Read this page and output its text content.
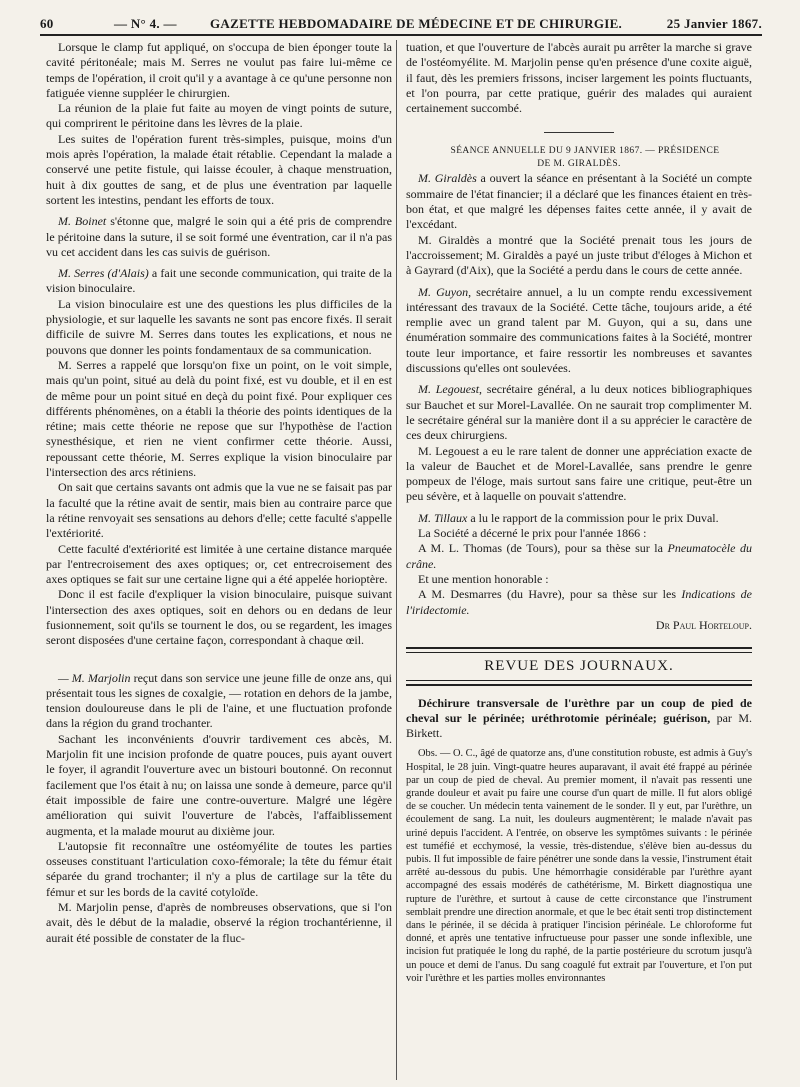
60	— N° 4. —	GAZETTE HEBDOMADAIRE DE MÉDECINE ET DE CHIRURGIE.	25 Janvier 1867.

Lorsque le clamp fut appliqué, on s'occupa de bien éponger toute la cavité péritonéale; mais M. Serres ne voulut pas faire lui-même ce temps de l'opération, il croit qu'il y a avantage à ce qu'une personne non fatiguée vienne suppléer le chirurgien.

La réunion de la plaie fut faite au moyen de vingt points de suture, qui comprirent le péritoine dans les lèvres de la plaie.

Les suites de l'opération furent très-simples, puisque, moins d'un mois après l'opération, la malade était rétablie. Cependant la malade a conservé une petite fistule, qui laisse écouler, à chaque menstruation, huit à dix gouttes de sang, et de plus une éventration par laquelle sortent les intestins, pendant les efforts de toux.

M. Boinet s'étonne que, malgré le soin qui a été pris de comprendre le péritoine dans la suture, il se soit formé une éventration, car il n'a pas vu cet accident dans les cas suivis de guérison.

M. Serres (d'Alais) a fait une seconde communication, qui traite de la vision binoculaire.

La vision binoculaire est une des questions les plus difficiles de la physiologie, et sur laquelle les savants ne sont pas encore fixés. Il serait difficile de suivre M. Serres dans toutes les explications, et nous ne pouvons que donner les points fondamentaux de sa communication.

M. Serres a rappelé que lorsqu'on fixe un point, on le voit simple, mais qu'un point, situé au delà du point fixé, est vu double, et il en est de même pour un point situé en deçà du point fixé. Pour expliquer ces différents phénomènes, on a établi la théorie des points identiques de la rétine; mais cette théorie ne repose que sur l'hypothèse de l'action synesthésique, et rien ne vient confirmer cette théorie. Aussi, repoussant cette théorie, M. Serres explique la vision binoculaire par l'intersection des arcs rétiniens.

On sait que certains savants ont admis que la vue ne se faisait pas par la faculté que la rétine avait de sentir, mais bien au contraire parce que la rétine renvoyait ses sensations au dehors d'elle; cette faculté s'appelle l'extériorité.

Cette faculté d'extériorité est limitée à une certaine distance marquée par l'entrecroisement des axes optiques; or, cet entrecroisement des axes optiques se fait sur une certaine ligne qui a été appelée horioptère.

Donc il est facile d'expliquer la vision binoculaire, puisque suivant l'intersection des axes optiques, soit en dehors ou en dedans de leur fusionnement, soit qu'ils se tournent le dos, ou se regardent, les images seront disposées d'une certaine façon, correspondant à chaque œil.

— M. Marjolin reçut dans son service une jeune fille de onze ans, qui présentait tous les signes de coxalgie, — rotation en dehors de la jambe, tension douloureuse dans le pli de l'aine, et une fluctuation profonde dans la région du grand trochanter.

Sachant les inconvénients d'ouvrir tardivement ces abcès, M. Marjolin fit une incision profonde de quatre pouces, puis ayant ouvert le foyer, il agrandit l'ouverture avec un bistouri boutonné. On reconnut facilement que l'os était à nu; on laissa une sonde à demeure, parce qu'il était impossible de faire une contre-ouverture. Malgré une légère amélioration qui suivit l'ouverture de l'abcès, l'affaiblissement augmenta, et la malade mourut au dixième jour.

L'autopsie fit reconnaître une ostéomyélite de toutes les parties osseuses constituant l'articulation coxo-fémorale; la tête du fémur était séparée du grand trochanter; il n'y a plus de cartilage sur la tête du fémur et sur les bords de la cavité cotyloïde.

M. Marjolin pense, d'après de nombreuses observations, que si l'on avait, dès le début de la maladie, observé la région trochantérienne, il aurait été possible de constater de la fluc-

tuation, et que l'ouverture de l'abcès aurait pu arrêter la marche si grave de l'ostéomyélite. M. Marjolin pense qu'en présence d'une coxite aiguë, il faut, dès les premiers frissons, inciser largement les points fluctuants, et l'on pourra, par cette pratique, guérir des malades qui auraient certainement succombé.

SÉANCE ANNUELLE DU 9 JANVIER 1867. — PRÉSIDENCE
DE M. GIRALDÈS.

M. Giraldès a ouvert la séance en présentant à la Société un compte sommaire de l'état financier; il a déclaré que les finances étaient en très-bon état, et que malgré les dépenses faites cette année, il y avait de l'excédant.

M. Giraldès a montré que la Société prenait tous les jours de l'accroissement; M. Giraldès a payé un juste tribut d'éloges à Michon et à Gayrard (d'Aix), que la Société a perdu dans le cours de cette année.

M. Guyon, secrétaire annuel, a lu un compte rendu excessivement intéressant des travaux de la Société. Cette tâche, toujours aride, a été remplie avec un grand talent par M. Guyon, qui a su, dans une énumération sommaire des communications faites à la Société, montrer toute leur importance, et faire ressortir les nombreuses et savantes discussions qu'elles ont soulevées.

M. Legouest, secrétaire général, a lu deux notices bibliographiques sur Bauchet et sur Morel-Lavallée. On ne saurait trop complimenter M. le secrétaire général sur la manière dont il a su apprécier le caractère de ces deux chirurgiens.

M. Legouest a eu le rare talent de donner une appréciation exacte de la valeur de Bauchet et de Morel-Lavallée, sans prendre le genre pompeux de l'éloge, mais surtout sans faire une critique, peut-être un peu sévère, et à laquelle on pouvait s'attendre.

M. Tillaux a lu le rapport de la commission pour le prix Duval.

La Société a décerné le prix pour l'année 1866 :

A M. L. Thomas (de Tours), pour sa thèse sur la Pneumatocèle du crâne.

Et une mention honorable :

A M. Desmarres (du Havre), pour sa thèse sur les Indications de l'iridectomie.

Dr Paul Horteloup.

REVUE DES JOURNAUX.

Déchirure transversale de l'urèthre par un coup de pied de cheval sur le périnée; uréthrotomie périnéale; guérison, par M. Birkett.

Obs. — O. C., âgé de quatorze ans, d'une constitution robuste, est admis à Guy's Hospital, le 28 juin. Vingt-quatre heures auparavant, il avait été frappé au périnée par un coup de pied de cheval. Au premier moment, il n'avait pas ressenti une grande douleur et avait pu faire une course d'un quart de mille. Il fut alors obligé de se coucher. Un médecin tenta vainement de le sonder. Il y eut, par l'urèthre, un écoulement de sang. La nuit, les douleurs augmentèrent; le malade n'avait pas uriné depuis l'accident. A l'entrée, on observe les symptômes suivants : le périnée est tuméfié et ecchymosé, la vessie, très-distendue, s'élève bien au-dessus du pubis. Il fut impossible de faire pénétrer une sonde dans la vessie, l'instrument était arrêté au-dessous du pubis. Une hémorrhagie considérable par l'urèthre ayant accompagné des essais modérés de cathétérisme, M. Birkett diagnostiqua une rupture de l'urèthre, et surtout à cause de cette circonstance que l'instrument semblait prendre une direction anormale, et que le bec était senti trop distinctement dans le périnée, il se décida à pratiquer l'incision périnéale. Le chloroforme fut donné, et après une tentative infructueuse pour passer une sonde inflexible, une incision fut pratiquée le long du raphé, de la partie postérieure du scrotum jusqu'à un pouce et demi de l'anus. Du sang coagulé fut extrait par l'ouverture, et l'on put voir l'urèthre et les parties molles environnantes
